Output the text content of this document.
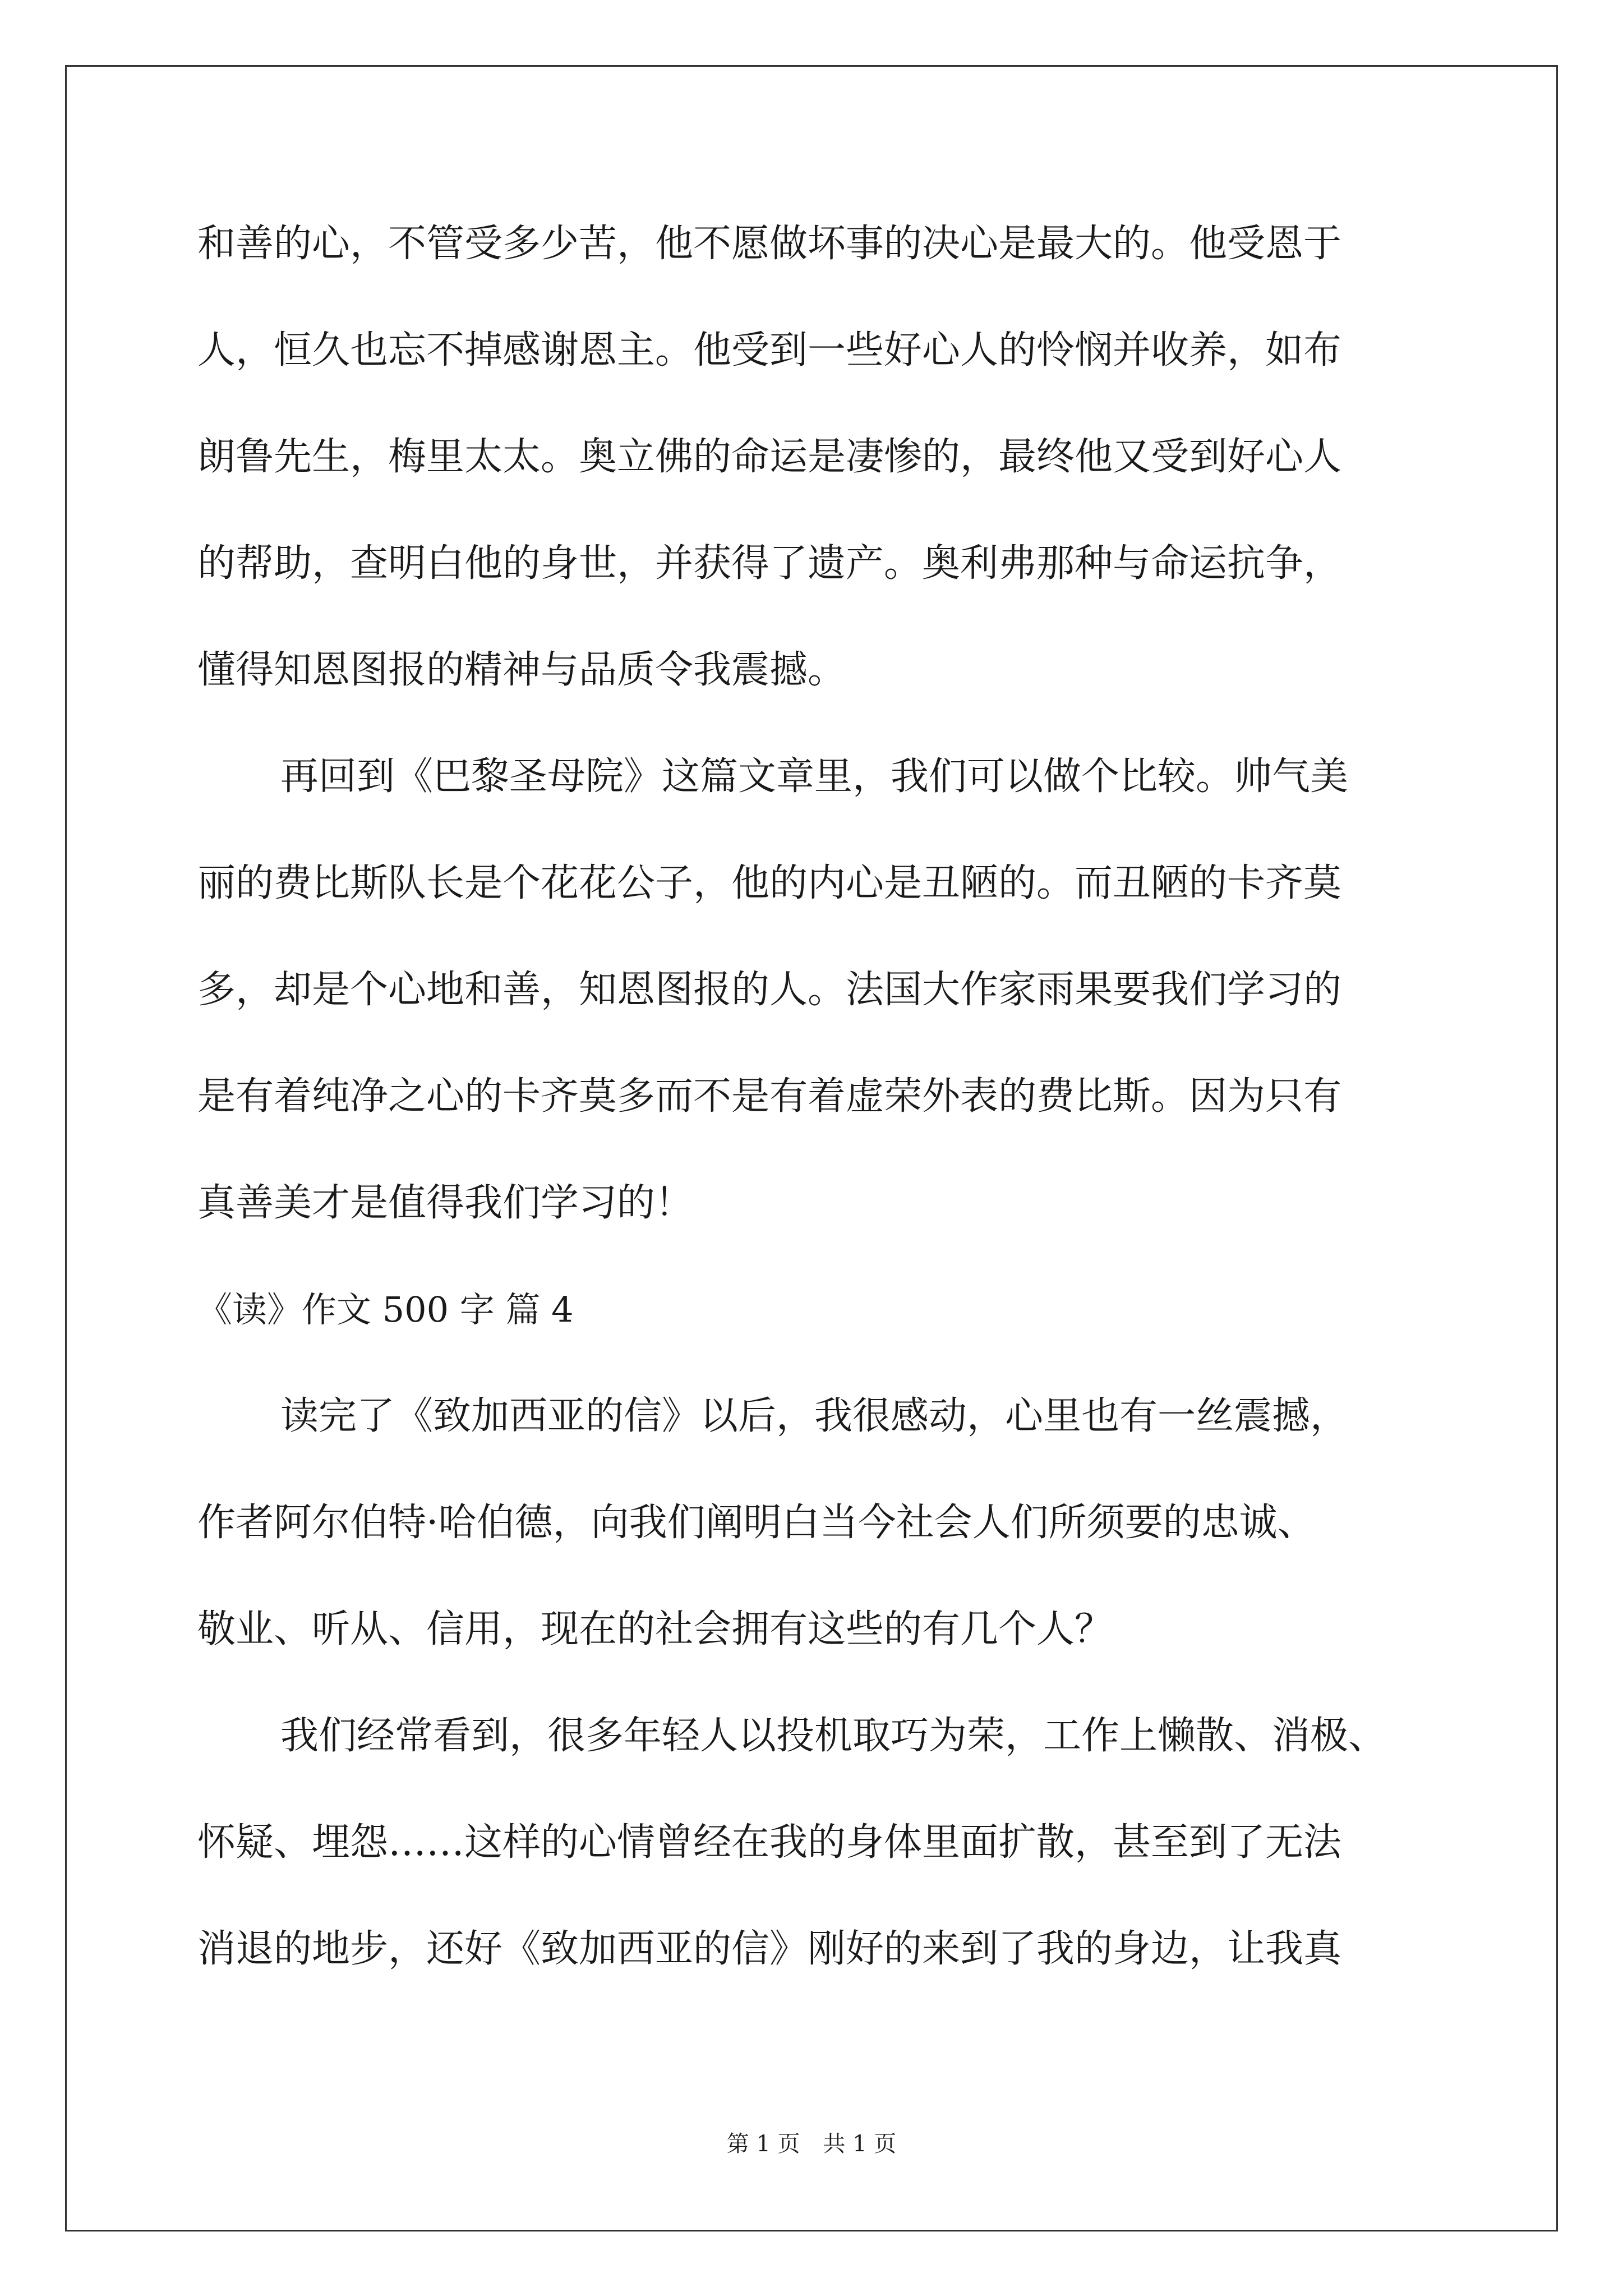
和善的心，不管受多少苦，他不愿做坏事的决心是最大的。他受恩于
人，恒久也忘不掉感谢恩主。他受到一些好心人的怜悯并收养，如布
朗鲁先生，梅里太太。奥立佛的命运是凄惨的，最终他又受到好心人
的帮助，查明白他的身世，并获得了遗产。奥利弗那种与命运抗争，
懂得知恩图报的精神与品质令我震撼。
再回到《巴黎圣母院》这篇文章里，我们可以做个比较。帅气美
丽的费比斯队长是个花花公子，他的内心是丑陋的。而丑陋的卡齐莫
多，却是个心地和善，知恩图报的人。法国大作家雨果要我们学习的
是有着纯净之心的卡齐莫多而不是有着虚荣外表的费比斯。因为只有
真善美才是值得我们学习的！
《读》作文 500 字 篇 4
读完了《致加西亚的信》以后，我很感动，心里也有一丝震撼，
作者阿尔伯特·哈伯德，向我们阐明白当今社会人们所须要的忠诚、
敬业、听从、信用，现在的社会拥有这些的有几个人？
我们经常看到，很多年轻人以投机取巧为荣，工作上懒散、消极、
怀疑、埋怨……这样的心情曾经在我的身体里面扩散，甚至到了无法
消退的地步，还好《致加西亚的信》刚好的来到了我的身边，让我真
第 1 页 共 1 页
